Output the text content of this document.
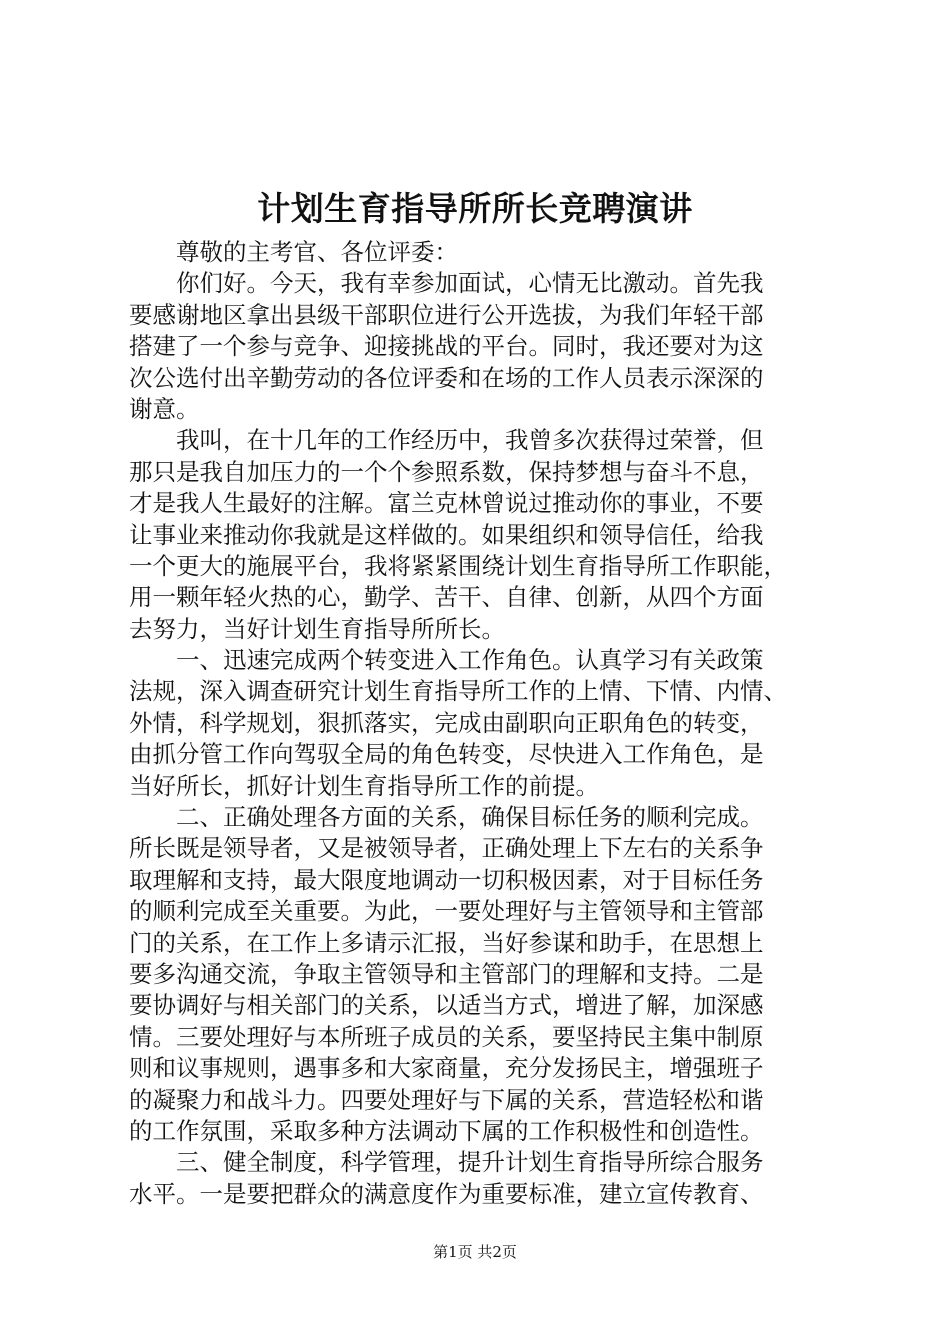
计划生育指导所所长竞聘演讲
尊敬的主考官、各位评委：
你们好。今天，我有幸参加面试，心情无比激动。首先我
要感谢地区拿出县级干部职位进行公开选拔，为我们年轻干部
搭建了一个参与竞争、迎接挑战的平台。同时，我还要对为这
次公选付出辛勤劳动的各位评委和在场的工作人员表示深深的
谢意。
我叫，在十几年的工作经历中，我曾多次获得过荣誉，但
那只是我自加压力的一个个参照系数，保持梦想与奋斗不息，
才是我人生最好的注解。富兰克林曾说过推动你的事业，不要
让事业来推动你我就是这样做的。如果组织和领导信任，给我
一个更大的施展平台，我将紧紧围绕计划生育指导所工作职能，
用一颗年轻火热的心，勤学、苦干、自律、创新，从四个方面
去努力，当好计划生育指导所所长。
一、迅速完成两个转变进入工作角色。认真学习有关政策
法规，深入调查研究计划生育指导所工作的上情、下情、内情、
外情，科学规划，狠抓落实，完成由副职向正职角色的转变，
由抓分管工作向驾驭全局的角色转变，尽快进入工作角色，是
当好所长，抓好计划生育指导所工作的前提。
二、正确处理各方面的关系，确保目标任务的顺利完成。
所长既是领导者，又是被领导者，正确处理上下左右的关系争
取理解和支持，最大限度地调动一切积极因素，对于目标任务
的顺利完成至关重要。为此，一要处理好与主管领导和主管部
门的关系，在工作上多请示汇报，当好参谋和助手，在思想上
要多沟通交流，争取主管领导和主管部门的理解和支持。二是
要协调好与相关部门的关系，以适当方式，增进了解，加深感
情。三要处理好与本所班子成员的关系，要坚持民主集中制原
则和议事规则，遇事多和大家商量，充分发扬民主，增强班子
的凝聚力和战斗力。四要处理好与下属的关系，营造轻松和谐
的工作氛围，采取多种方法调动下属的工作积极性和创造性。
三、健全制度，科学管理，提升计划生育指导所综合服务
水平。一是要把群众的满意度作为重要标准，建立宣传教育、
第1页 共2页
